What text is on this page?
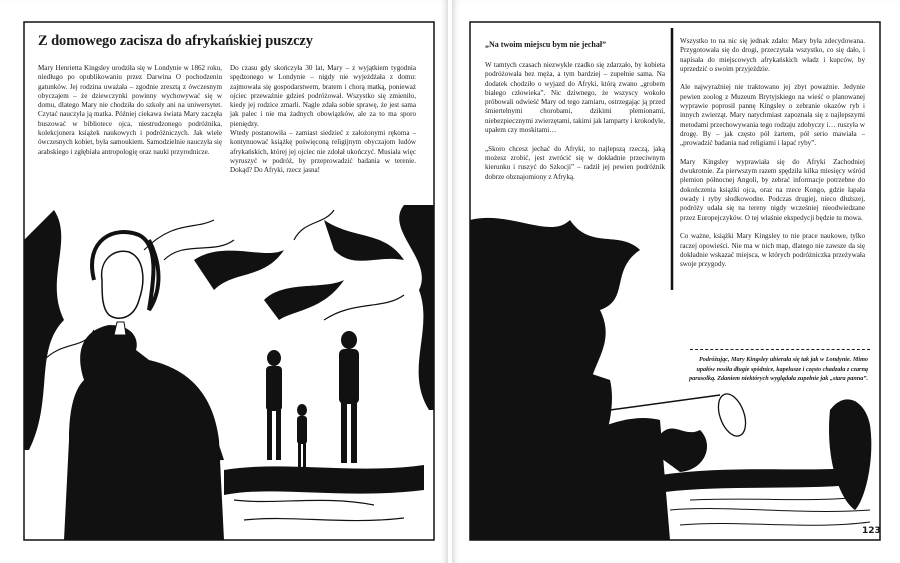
Z domowego zacisza do afrykańskiej puszczy

Mary Henrietta Kingsley urodziła się w Londynie w 1862 roku, niedługo po opublikowaniu przez Darwina O pochodzeniu gatunków. Jej rodzina uważała – zgodnie zresztą z ówczesnym obyczajem – że dziewczynki powinny wychowywać się w domu, dlatego Mary nie chodziła do szkoły ani na uniwersytet. Czytać nauczyła ją matka. Później ciekawa świata Mary zaczęła buszować w bibliotece ojca, niestrudzonego podróżnika, kolekcjonera książek naukowych i podróżniczych. Jak wiele ówczesnych kobiet, była samoukiem. Samodzielnie nauczyła się arabskiego i zgłębiała antropologię oraz nauki przyrodnicze.

Do czasu gdy skończyła 30 lat, Mary – z wyjątkiem tygodnia spędzonego w Londynie – nigdy nie wyjeżdżała z domu: zajmowała się gospodarstwem, bratem i chorą matką, ponieważ ojciec przeważnie gdzieś podróżował. Wszystko się zmieniło, kiedy jej rodzice zmarli. Nagle zdała sobie sprawę, że jest sama jak palec i nie ma żadnych obowiązków, ale za to ma sporo pieniędzy.

Wtedy postanowiła – zamiast siedzieć z założonymi rękoma – kontynuować książkę poświęconą religijnym obyczajom ludów afrykańskich, której jej ojciec nie zdołał ukończyć. Musiała więc wyruszyć w podróż, by przeprowadzić badania w terenie. Dokąd? Do Afryki, rzecz jasna!

„Na twoim miejscu bym nie jechał”

W tamtych czasach niezwykle rzadko się zdarzało, by kobieta podróżowała bez męża, a tym bardziej – zupełnie sama. Na dodatek chodziło o wyjazd do Afryki, którą zwano „grobem białego człowieka”. Nic dziwnego, że wszyscy wokoło próbowali odwieść Mary od tego zamiaru, ostrzegając ją przed śmiertelnymi chorobami, dzikimi plemionami, niebezpiecznymi zwierzętami, takimi jak lamparty i krokodyle, upałem czy moskitami…

„Skoro chcesz jechać do Afryki, to najlepszą rzeczą, jaką możesz zrobić, jest zwrócić się w dokładnie przeciwnym kierunku i ruszyć do Szkocji” – radził jej pewien podróżnik dobrze obznajomiony z Afryką.

Wszystko to na nic się jednak zdało: Mary była zdecydowana. Przygotowała się do drogi, przeczytała wszystko, co się dało, i napisała do miejscowych afrykańskich władz i kupców, by uprzedzić o swoim przyjeździe.

Ale najwyraźniej nie traktowano jej zbyt poważnie. Jedynie pewien zoolog z Muzeum Brytyjskiego na wieść o planowanej wyprawie poprosił pannę Kingsley o zebranie okazów ryb i innych zwierząt. Mary natychmiast zapoznała się z najlepszymi metodami przechowywania tego rodzaju zdobyczy i… ruszyła w drogę. By – jak często pół żartem, pół serio mawiała – „prowadzić badania nad religiami i łapać ryby”.

Mary Kingsley wyprawiała się do Afryki Zachodniej dwukrotnie. Za pierwszym razem spędziła kilka miesięcy wśród plemion północnej Angoli, by zebrać informacje potrzebne do dokończenia książki ojca, oraz na rzece Kongo, gdzie łapała owady i ryby słodkowodne. Podczas drugiej, nieco dłuższej, podróży udała się na tereny nigdy wcześniej nieodwiedzane przez Europejczyków. O tej właśnie ekspedycji będzie tu mowa.

Co ważne, książki Mary Kingsley to nie prace naukowe, tylko raczej opowieści. Nie ma w nich map, dlatego nie zawsze da się dokładnie wskazać miejsca, w których podróżniczka przeżywała swoje przygody.

Podróżując, Mary Kingsley ubierała się tak jak w Londynie. Mimo upałów nosiła długie spódnice, kapelusze i często chadzała z czarną parasolką. Zdaniem niektórych wyglądała zupełnie jak „stara panna”.
123
